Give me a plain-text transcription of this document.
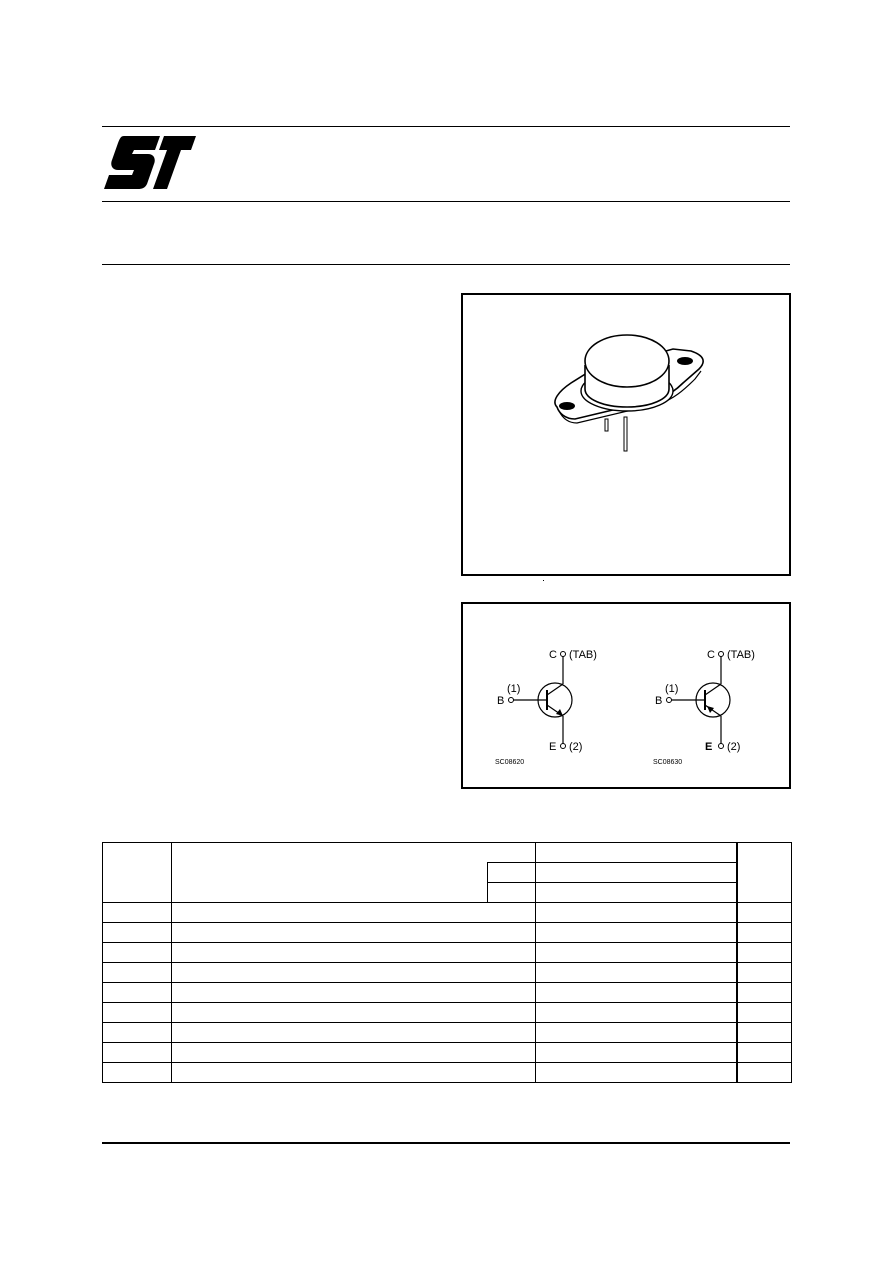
B
(1)
C (TAB)
E (2)
SC08620
B
(1)
C (TAB)
E (2)
SC08630
